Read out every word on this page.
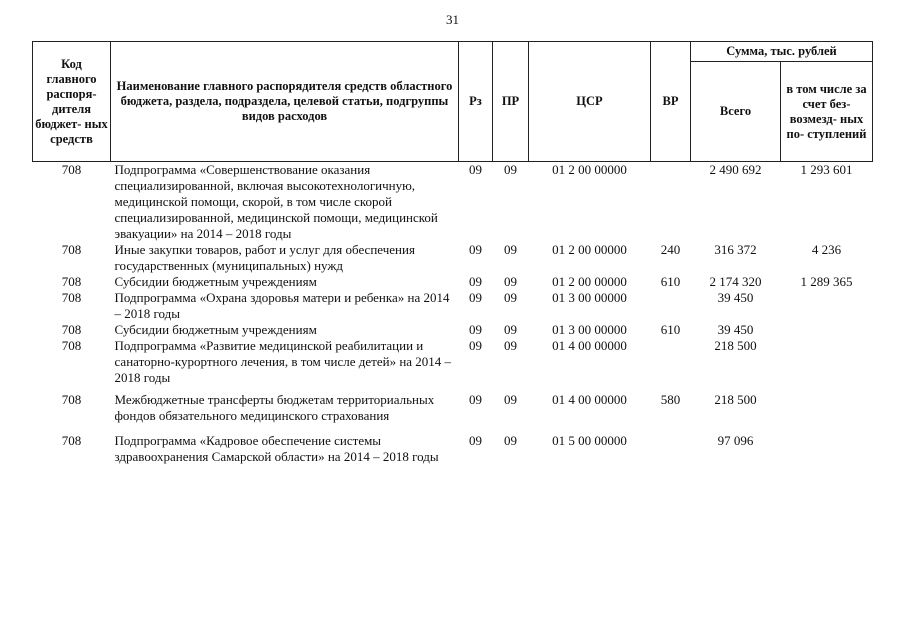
31
Код главного распоря- дителя бюджет- ных средств	Наименование главного распорядителя средств областного бюджета, раздела, подраздела, целевой статьи, подгруппы видов расходов	Рз	ПР	ЦСР	ВР	Сумма, тыс. рублей	
						Всего	в том числе за счет без- возмезд- ных по- ступлений
708	Подпрограмма «Совершенствование оказания специализированной, включая высокотехнологичную, медицинской помощи, скорой, в том числе скорой специализированной, медицинской помощи, медицинской эвакуации» на 2014 – 2018 годы	09	09	01 2 00 00000		2 490 692	1 293 601
708	Иные закупки товаров, работ и услуг для обеспечения государственных (муниципальных) нужд	09	09	01 2 00 00000	240	316 372	4 236
708	Субсидии бюджетным учреждениям	09	09	01 2 00 00000	610	2 174 320	1 289 365
708	Подпрограмма «Охрана здоровья матери и ребенка» на 2014 – 2018 годы	09	09	01 3 00 00000		39 450	
708	Субсидии бюджетным учреждениям	09	09	01 3 00 00000	610	39 450	
708	Подпрограмма «Развитие медицинской реабилитации и санаторно-курортного лечения, в том числе детей» на 2014 – 2018 годы	09	09	01 4 00 00000		218 500	
708	Межбюджетные трансферты бюджетам территориальных фондов обязательного медицинского страхования	09	09	01 4 00 00000	580	218 500	

708	Подпрограмма «Кадровое обеспечение системы здравоохранения Самарской области» на 2014 – 2018 годы	09	09	01 5 00 00000		97 096	
